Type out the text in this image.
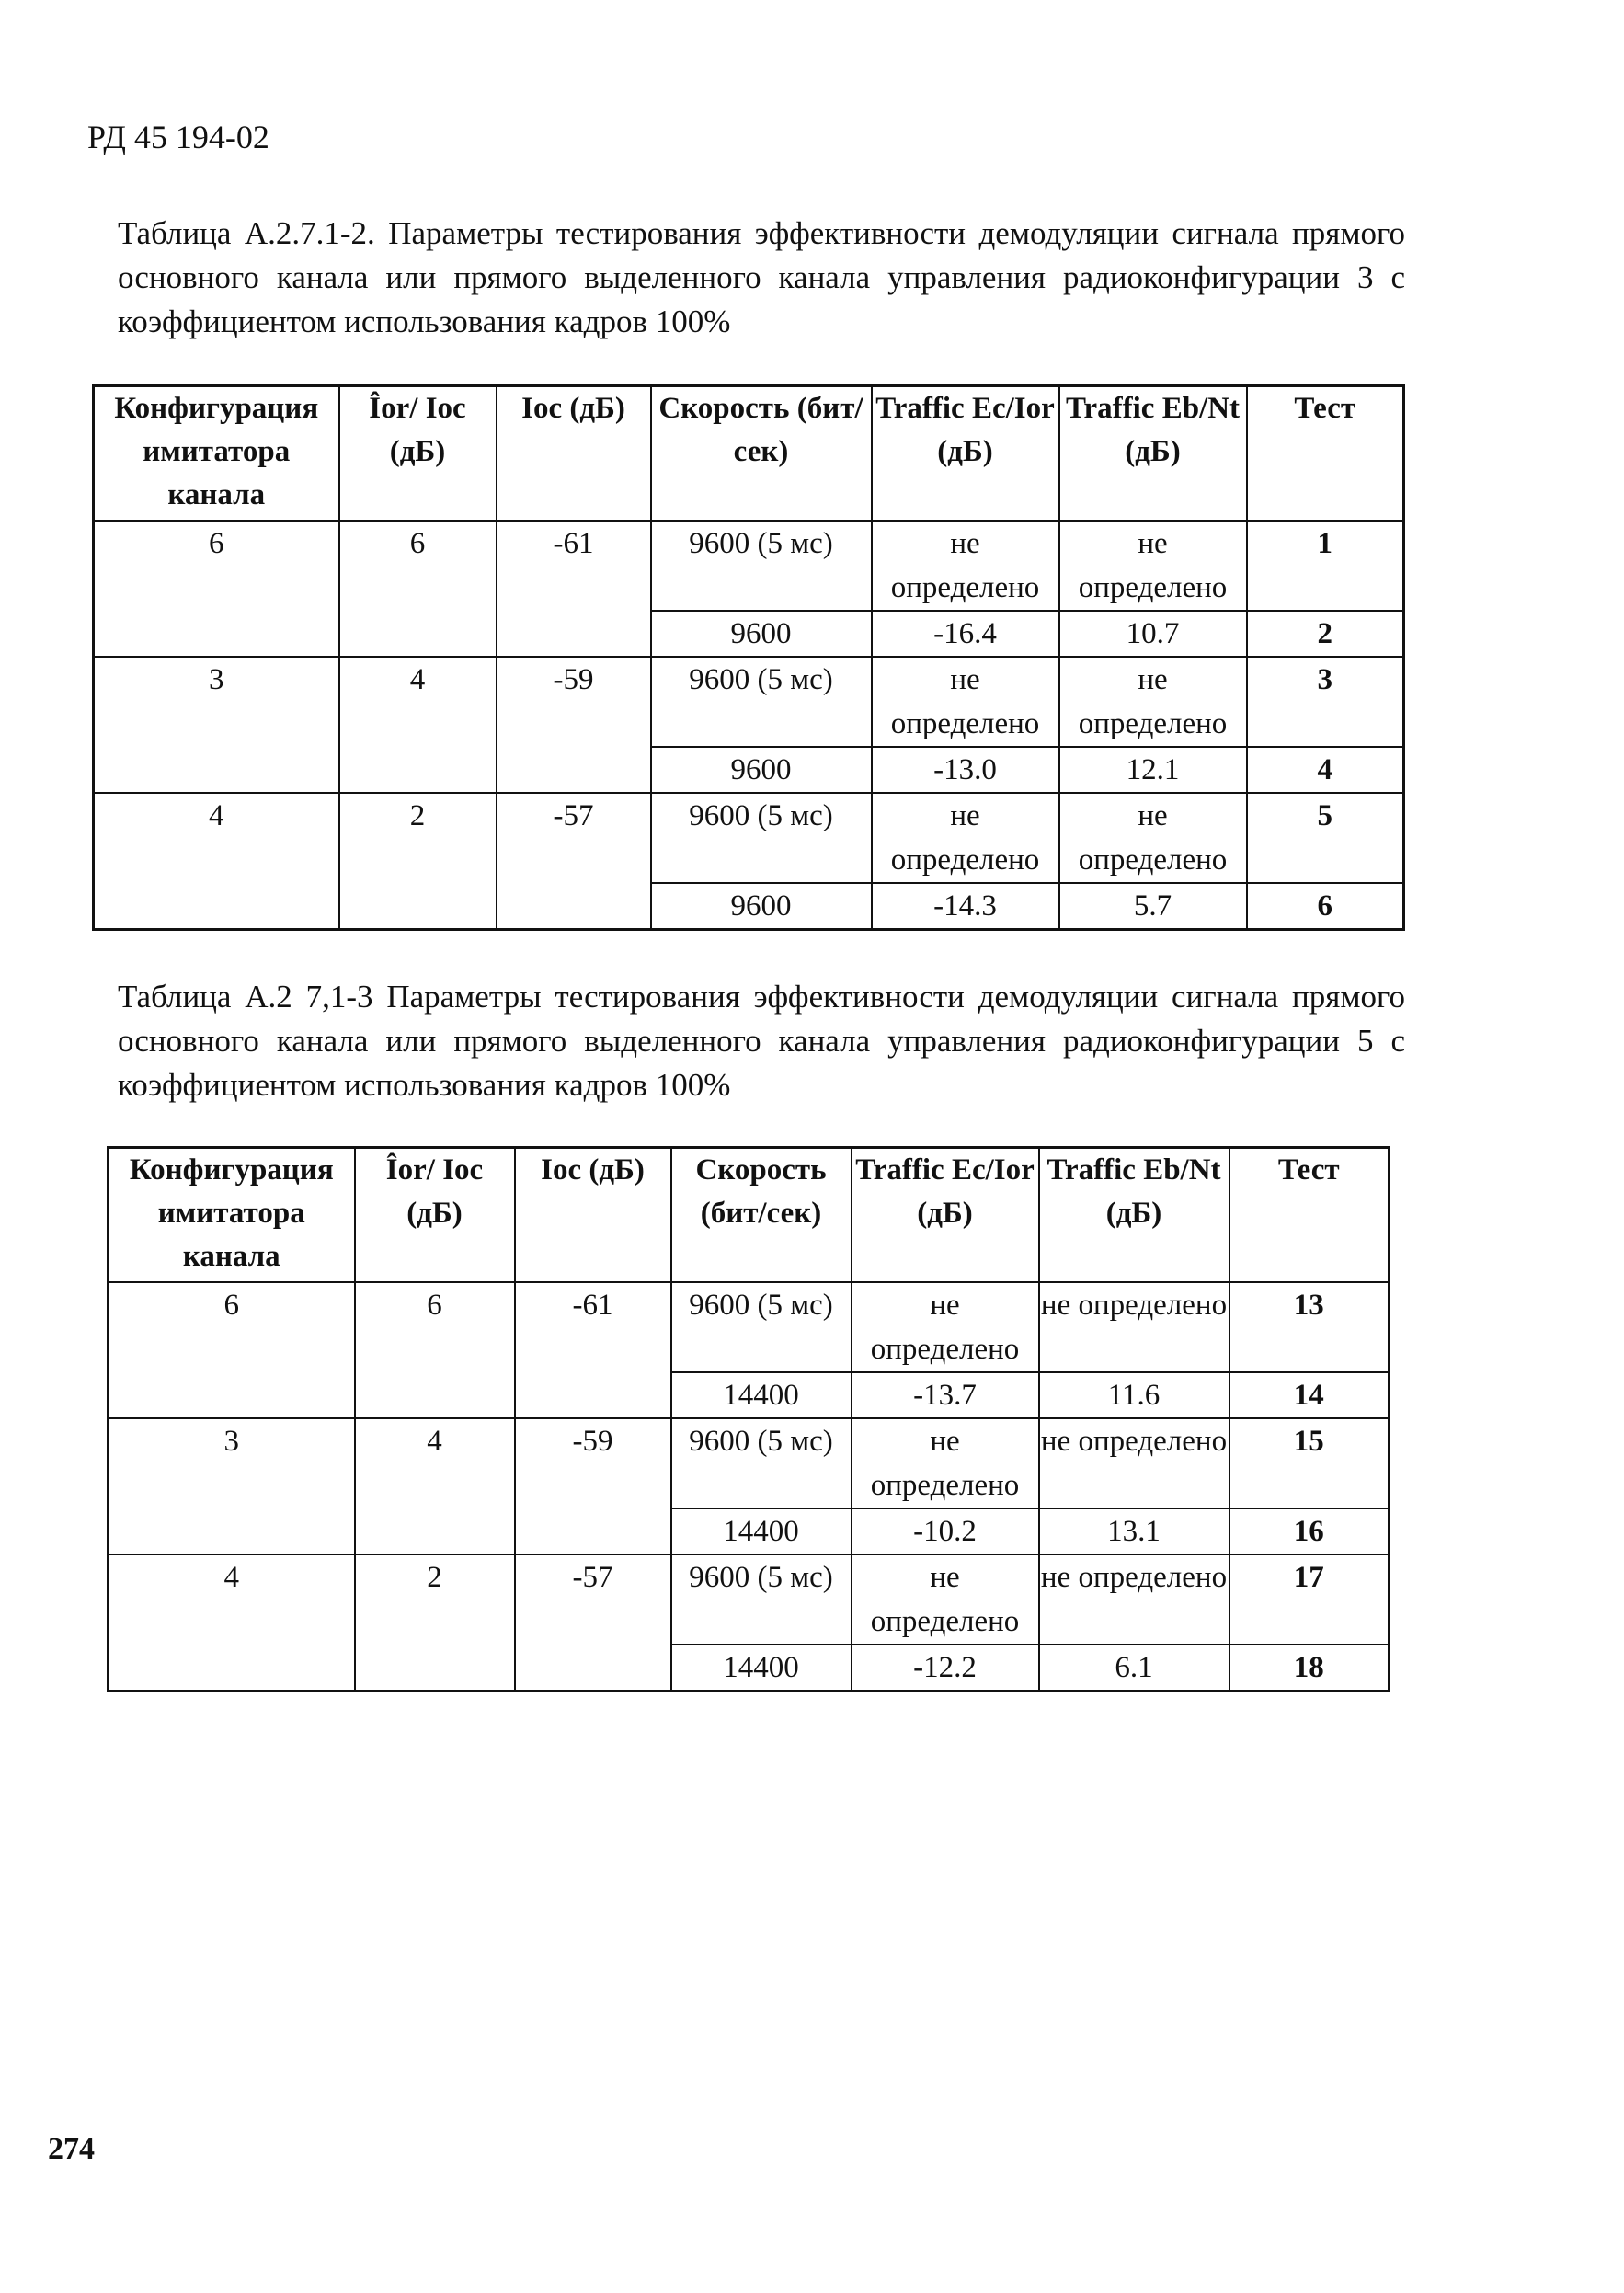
РД 45 194-02
Таблица А.2.7.1-2. Параметры тестирования эффективности демодуляции сигнала прямого основного канала или прямого выделенного канала управления радиоконфигурации 3 с коэффициентом использования кадров 100%
Конфигурация имитатора канала	Îor/ Ioc (дБ)	Ioc (дБ)	Скорость (бит/сек)	Traffic Ec/Ior (дБ)	Traffic Eb/Nt (дБ)	Тест
6	6	-61	9600 (5 мс)	не определено	не определено	1
			9600	-16.4	10.7	2
3	4	-59	9600 (5 мс)	не определено	не определено	3
			9600	-13.0	12.1	4
4	2	-57	9600 (5 мс)	не определено	не определено	5
			9600	-14.3	5.7	6
Таблица А.2 7,1-3 Параметры тестирования эффективности демодуляции сигнала прямого основного канала или прямого выделенного канала управления радиоконфигурации 5 с коэффициентом использования кадров 100%
Конфигурация имитатора канала	Îor/ Ioc (дБ)	Ioc (дБ)	Скорость (бит/сек)	Traffic Ec/Ior (дБ)	Traffic Eb/Nt (дБ)	Тест
6	6	-61	9600 (5 мс)	не определено	не определено	13
			14400	-13.7	11.6	14
3	4	-59	9600 (5 мс)	не определено	не определено	15
			14400	-10.2	13.1	16
4	2	-57	9600 (5 мс)	не определено	не определено	17
			14400	-12.2	6.1	18
274
